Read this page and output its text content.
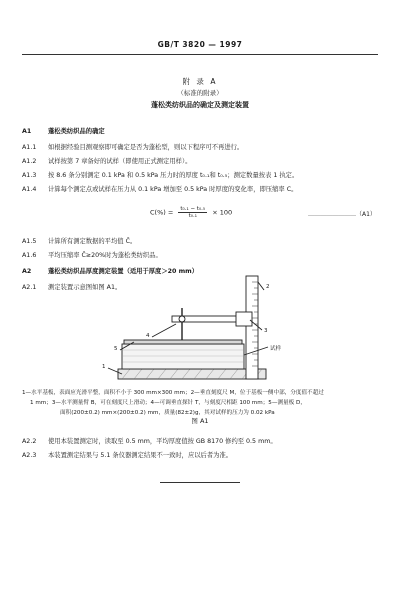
GB/T 3820 — 1997
附 录 A
（标准的附录）
蓬松类纺织品的确定及测定装置
A1	蓬松类纺织品的确定
A1.1 如根据经验目测观察即可确定是否为蓬松型，则以下程序可不再进行。
A1.2 试样按第 7 章备好的试样（即使用正式测定用样）。
A1.3 按 8.6 条分别测定 0.1 kPa 和 0.5 kPa 压力时的厚度 t₀.₁和 t₀.₅；测定数量按表 1 执定。
A1.4 计算每个测定点或试样在压力从 0.1 kPa 增加至 0.5 kPa 时厚度的变化率，即压缩率 C。
$C(\%) = \frac{\text{t₀.₁ − t₀.₅}}{\text{t₀.₁}} \times 100$	……………………（A1）
A1.5 计算所有测定数据的平均值 C̄。
A1.6 平均压缩率 C̄≥20%时为蓬松类纺织品。
A2	蓬松类纺织品厚度测定装置（适用于厚度＞20 mm）
A2.1 测定装置示意图如图 A1。	2
4
3
5
1
试样
1—水平基板，表面应光滑平整，面积不小于 300 mm×300 mm；2—垂直刻度尺 M，位于基板一侧中部，分度值不超过
1 mm；3—水平测量臂 B，可在刻度尺上滑动；4—可调垂直探针 T，与刻度尺相距 100 mm；5—测量板 D，
面积(200±0.2) mm×(200±0.2) mm，质量(82±2)g，其对试样的压力为 0.02 kPa
图 A1
A2.2 使用本装置测定时，读取至 0.5 mm，平均厚度值按 GB 8170 修约至 0.5 mm。
A2.3 本装置测定结果与 5.1 条仪器测定结果不一致时，应以后者为准。
